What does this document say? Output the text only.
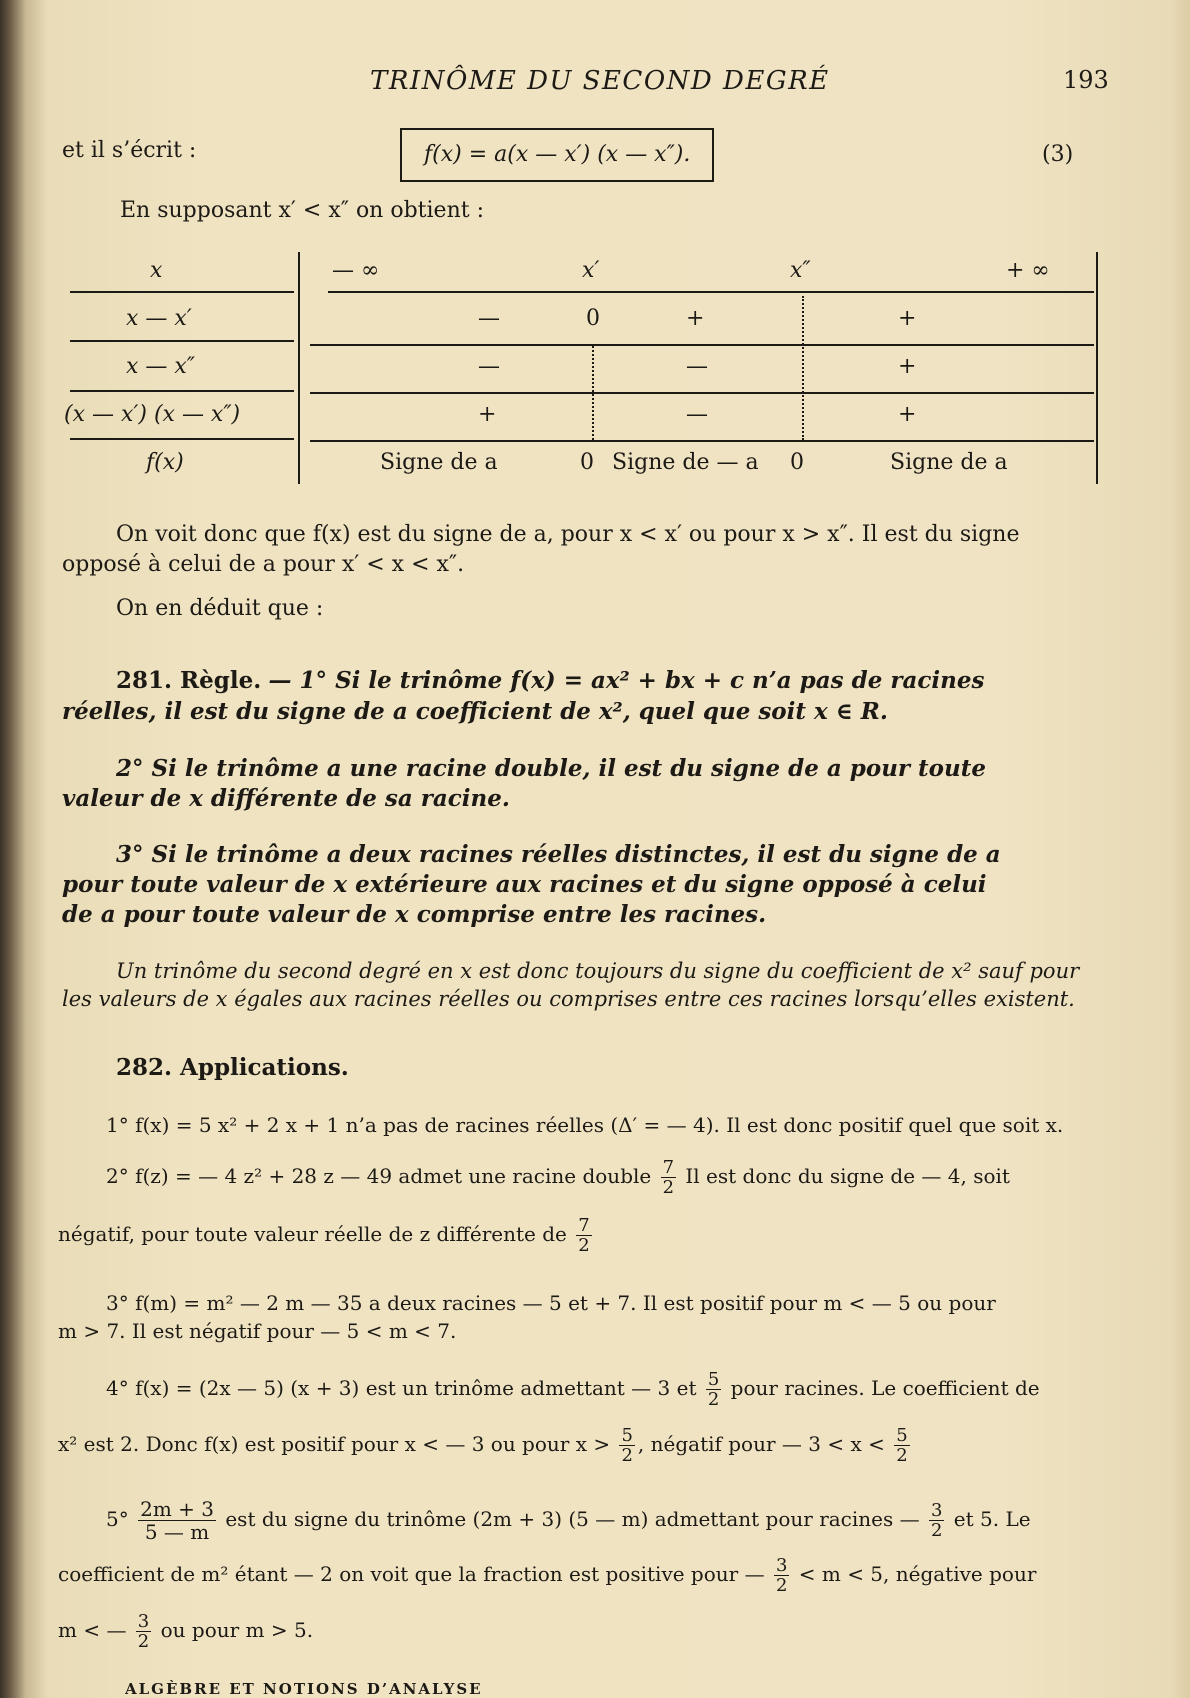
TRINÔME DU SECOND DEGRÉ	193
et il s’écrit :	f(x) = a(x — x′) (x — x″).	(3)
En supposant x′ < x″ on obtient :
x	— ∞	x′	x″	+ ∞
x — x′	—	0	+	+
x — x″	—	—	+
(x — x′) (x — x″)	+	—	+
f(x)	Signe de a	0 Signe de — a 0	Signe de a
On voit donc que f(x) est du signe de a, pour x < x′ ou pour x > x″. Il est du signe
opposé à celui de a pour x′ < x < x″.
On en déduit que :
281. Règle. — 1° Si le trinôme f(x) = ax² + bx + c n’a pas de racines
réelles, il est du signe de a coefficient de x², quel que soit x ∈ R.
2° Si le trinôme a une racine double, il est du signe de a pour toute
valeur de x différente de sa racine.
3° Si le trinôme a deux racines réelles distinctes, il est du signe de a
pour toute valeur de x extérieure aux racines et du signe opposé à celui
de a pour toute valeur de x comprise entre les racines.
Un trinôme du second degré en x est donc toujours du signe du coefficient de x² sauf pour
les valeurs de x égales aux racines réelles ou comprises entre ces racines lorsqu’elles existent.
282. Applications.
1° f(x) = 5 x² + 2 x + 1 n’a pas de racines réelles (Δ′ = — 4). Il est donc positif quel que soit x.
2° f(z) = — 4 z² + 28 z — 49 admet une racine double $\frac{7}{2}$ Il est donc du signe de — 4, soit
négatif, pour toute valeur réelle de z différente de $\frac{7}{2}$
3° f(m) = m² — 2 m — 35 a deux racines — 5 et + 7. Il est positif pour m < — 5 ou pour
m > 7. Il est négatif pour — 5 < m < 7.
4° f(x) = (2x — 5) (x + 3) est un trinôme admettant — 3 et $\frac{5}{2}$ pour racines. Le coefficient de
x² est 2. Donc f(x) est positif pour x < — 3 ou pour $x > \frac{5}{2}$ , négatif pour — $3 < x < \frac{5}{2}$
$5^\circ \frac{2m + 3}{5 — m}$ est du signe du trinôme (2m + 3) (5 — m) admettant pour racines — $\frac{3}{2}$ et 5. Le
coefficient de m² étant — 2 on voit que la fraction est positive pour — $\frac{3}{2} < m < 5$, négative pour
m < — $\frac{3}{2}$ ou pour m > 5.
ALGÈBRE ET NOTIONS D’ANALYSE
